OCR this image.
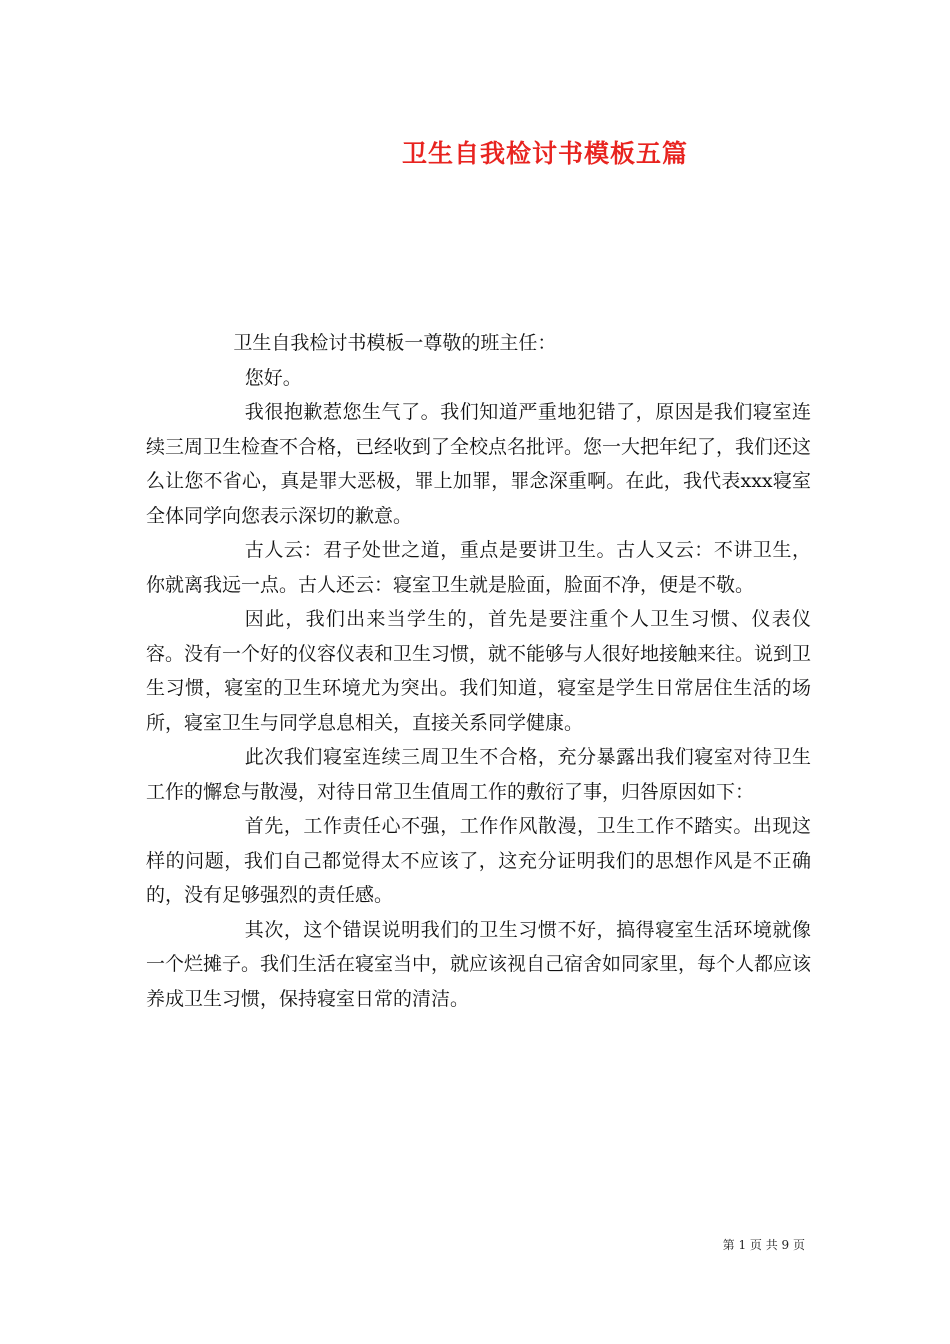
卫生自我检讨书模板五篇

卫生自我检讨书模板一尊敬的班主任：

您好。

我很抱歉惹您生气了。我们知道严重地犯错了，原因是我们寝室连续三周卫生检查不合格，已经收到了全校点名批评。您一大把年纪了，我们还这么让您不省心，真是罪大恶极，罪上加罪，罪念深重啊。在此，我代表xxx寝室全体同学向您表示深切的歉意。

古人云：君子处世之道，重点是要讲卫生。古人又云：不讲卫生，你就离我远一点。古人还云：寝室卫生就是脸面，脸面不净，便是不敬。

因此，我们出来当学生的，首先是要注重个人卫生习惯、仪表仪容。没有一个好的仪容仪表和卫生习惯，就不能够与人很好地接触来往。说到卫生习惯，寝室的卫生环境尤为突出。我们知道，寝室是学生日常居住生活的场所，寝室卫生与同学息息相关，直接关系同学健康。

此次我们寝室连续三周卫生不合格，充分暴露出我们寝室对待卫生工作的懈怠与散漫，对待日常卫生值周工作的敷衍了事，归咎原因如下：

首先，工作责任心不强，工作作风散漫，卫生工作不踏实。出现这样的问题，我们自己都觉得太不应该了，这充分证明我们的思想作风是不正确的，没有足够强烈的责任感。

其次，这个错误说明我们的卫生习惯不好，搞得寝室生活环境就像一个烂摊子。我们生活在寝室当中，就应该视自己宿舍如同家里，每个人都应该养成卫生习惯，保持寝室日常的清洁。

第 1 页 共 9 页
